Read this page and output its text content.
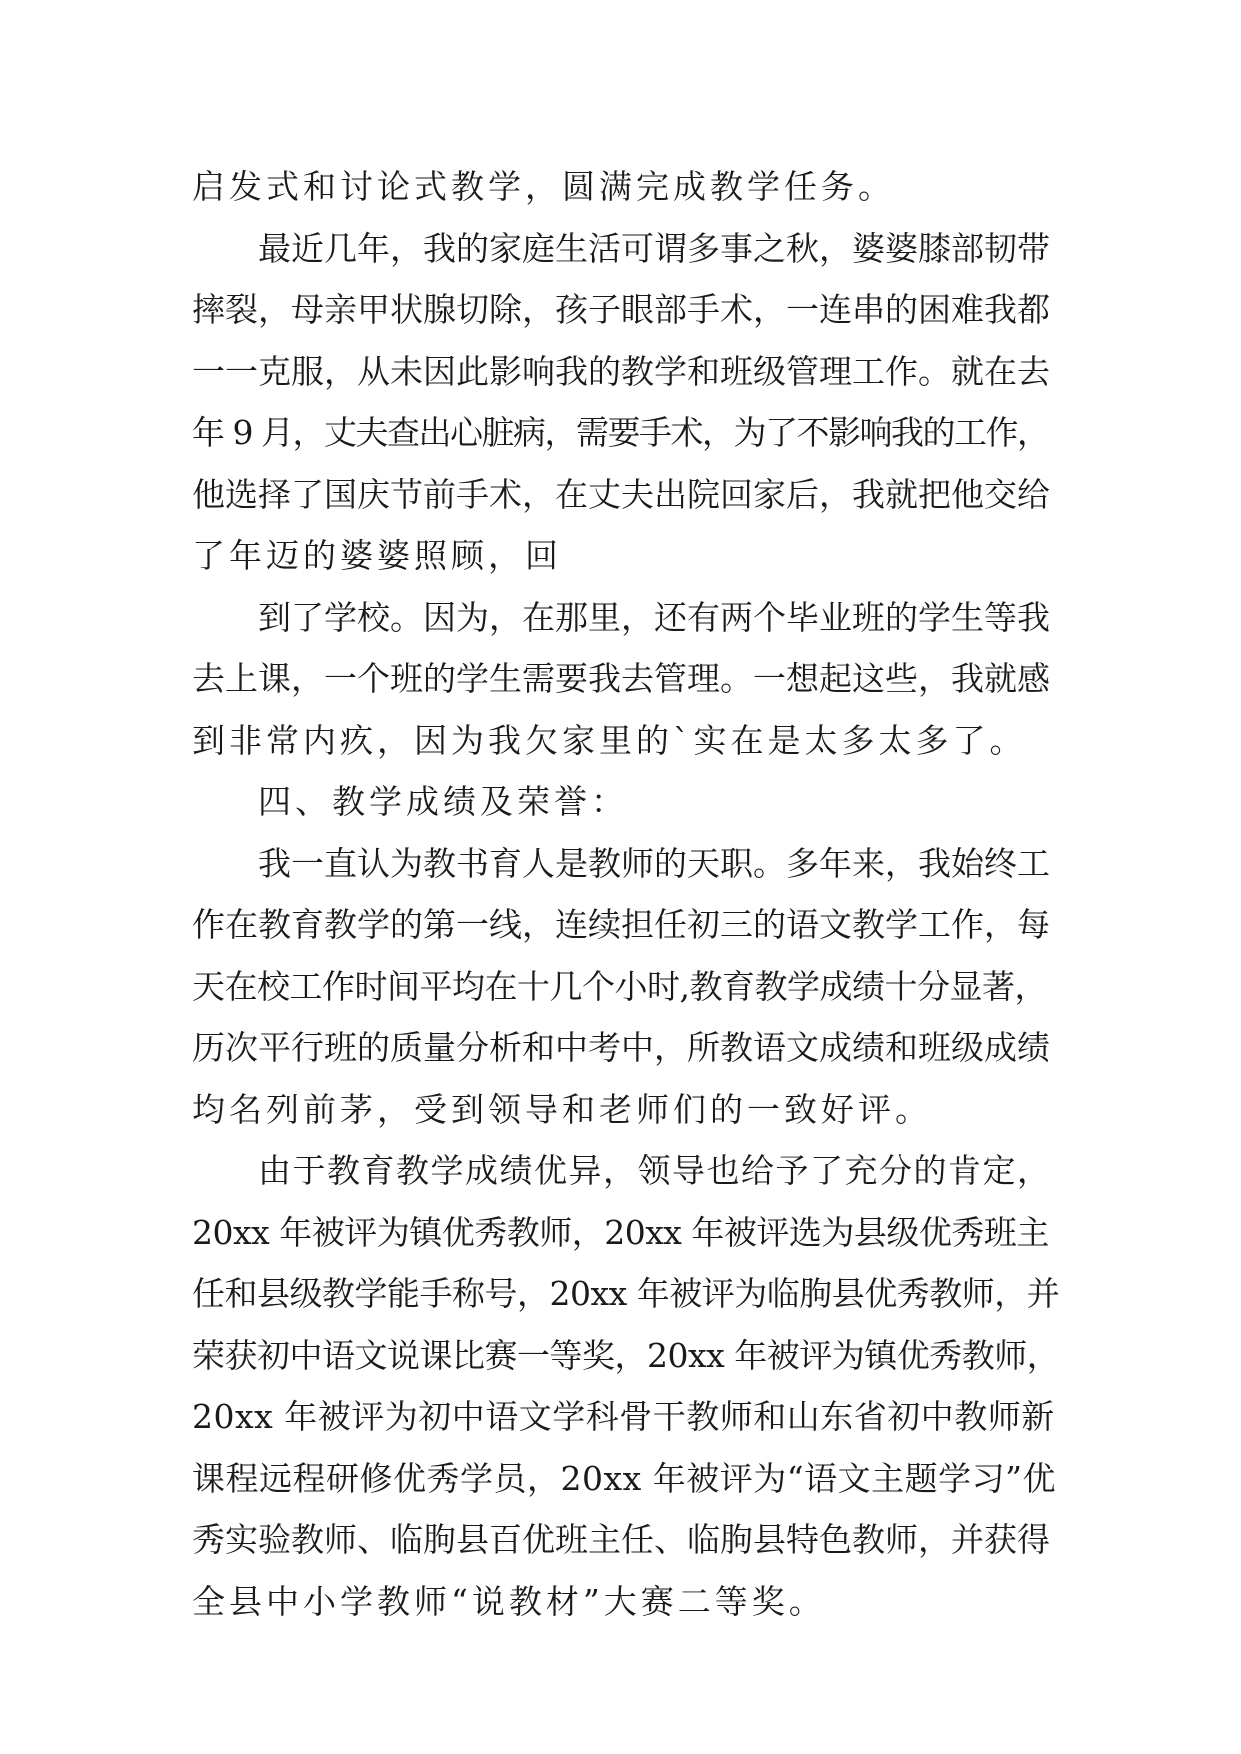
启发式和讨论式教学，圆满完成教学任务。
最近几年，我的家庭生活可谓多事之秋，婆婆膝部韧带
摔裂，母亲甲状腺切除，孩子眼部手术，一连串的困难我都
一一克服，从未因此影响我的教学和班级管理工作。就在去
年 9 月，丈夫查出心脏病，需要手术，为了不影响我的工作，
他选择了国庆节前手术，在丈夫出院回家后，我就把他交给
了年迈的婆婆照顾，回
到了学校。因为，在那里，还有两个毕业班的学生等我
去上课，一个班的学生需要我去管理。一想起这些，我就感
到非常内疚，因为我欠家里的`实在是太多太多了。
四、教学成绩及荣誉：
我一直认为教书育人是教师的天职。多年来，我始终工
作在教育教学的第一线，连续担任初三的语文教学工作，每
天在校工作时间平均在十几个小时,教育教学成绩十分显著，
历次平行班的质量分析和中考中，所教语文成绩和班级成绩
均名列前茅，受到领导和老师们的一致好评。
由于教育教学成绩优异，领导也给予了充分的肯定，
20xx 年被评为镇优秀教师，20xx 年被评选为县级优秀班主
任和县级教学能手称号，20xx 年被评为临朐县优秀教师，并
荣获初中语文说课比赛一等奖，20xx 年被评为镇优秀教师，
20xx 年被评为初中语文学科骨干教师和山东省初中教师新
课程远程研修优秀学员，20xx 年被评为“语文主题学习”优
秀实验教师、临朐县百优班主任、临朐县特色教师，并获得
全县中小学教师“说教材”大赛二等奖。
